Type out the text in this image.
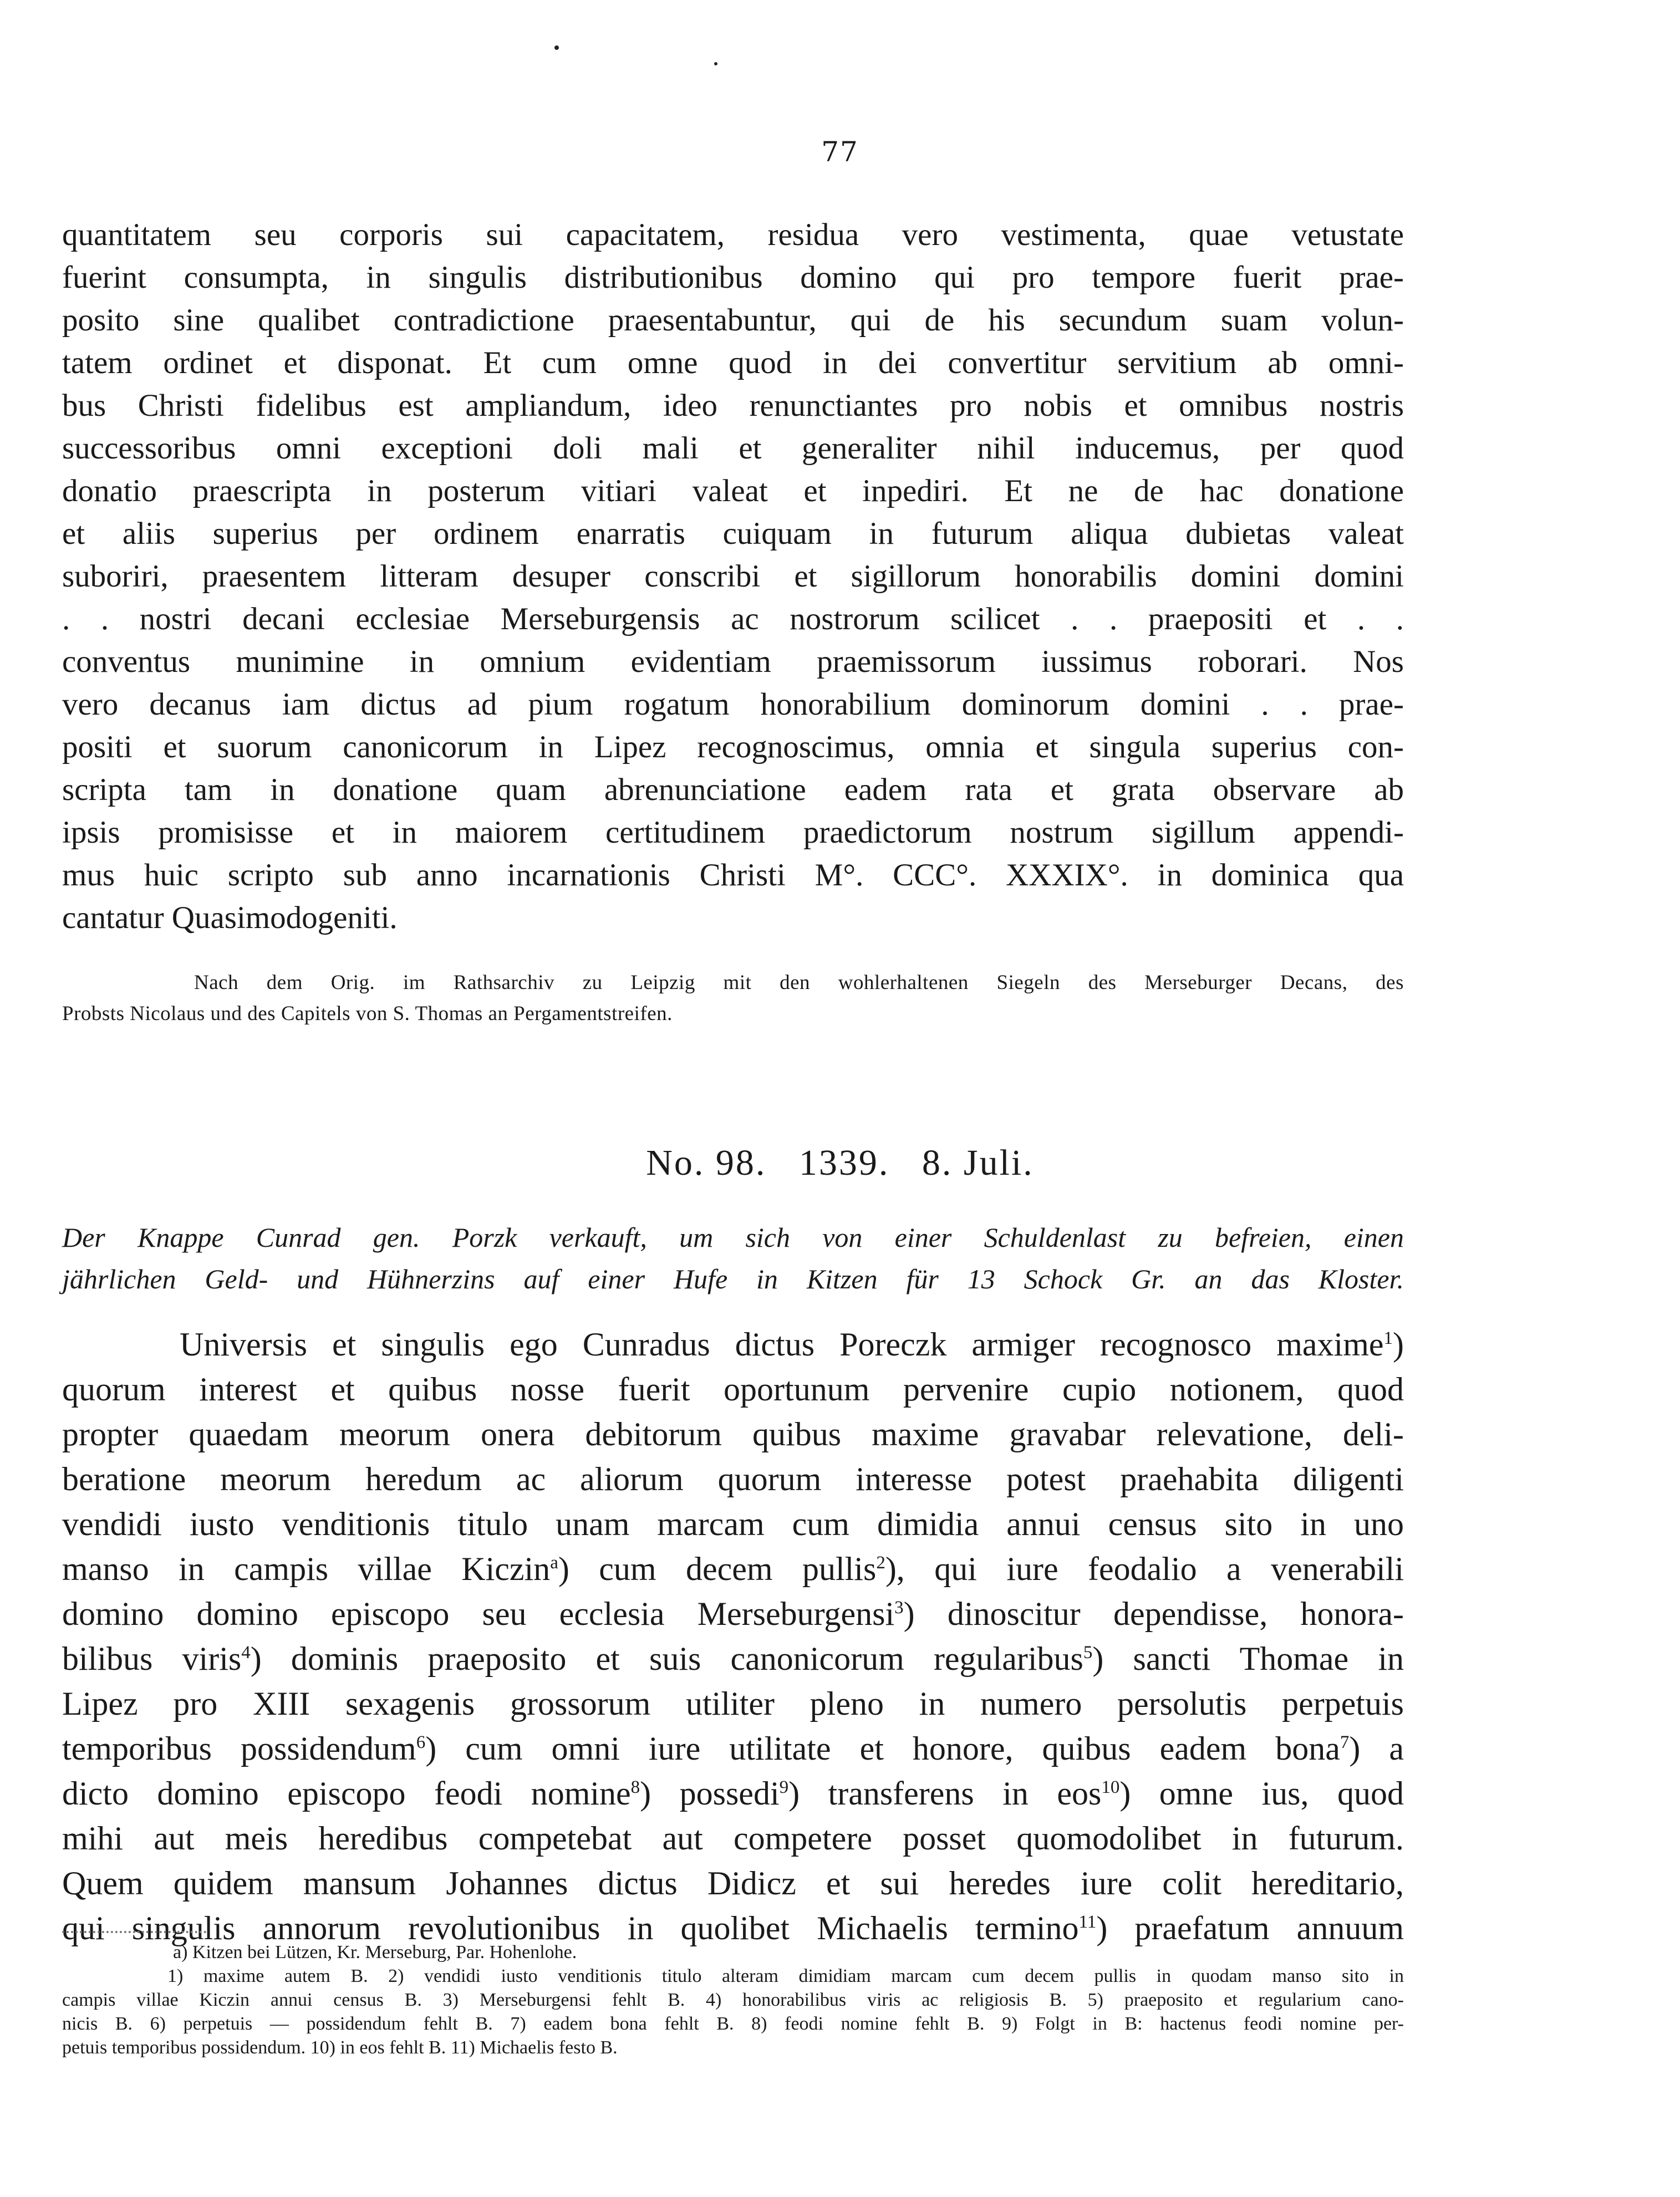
77
quantitatem seu corporis sui capacitatem, residua vero vestimenta, quae vetustate
fuerint consumpta, in singulis distributionibus domino qui pro tempore fuerit prae-
posito sine qualibet contradictione praesentabuntur, qui de his secundum suam volun-
tatem ordinet et disponat. Et cum omne quod in dei convertitur servitium ab omni-
bus Christi fidelibus est ampliandum, ideo renunctiantes pro nobis et omnibus nostris
successoribus omni exceptioni doli mali et generaliter nihil inducemus, per quod
donatio praescripta in posterum vitiari valeat et inpediri. Et ne de hac donatione
et aliis superius per ordinem enarratis cuiquam in futurum aliqua dubietas valeat
suboriri, praesentem litteram desuper conscribi et sigillorum honorabilis domini domini
. . nostri decani ecclesiae Merseburgensis ac nostrorum scilicet . . praepositi et . .
conventus munimine in omnium evidentiam praemissorum iussimus roborari. Nos
vero decanus iam dictus ad pium rogatum honorabilium dominorum domini . . prae-
positi et suorum canonicorum in Lipez recognoscimus, omnia et singula superius con-
scripta tam in donatione quam abrenunciatione eadem rata et grata observare ab
ipsis promisisse et in maiorem certitudinem praedictorum nostrum sigillum appendi-
mus huic scripto sub anno incarnationis Christi M°. CCC°. XXXIX°. in dominica qua
cantatur Quasimodogeniti.
Nach dem Orig. im Rathsarchiv zu Leipzig mit den wohlerhaltenen Siegeln des Merseburger Decans, des
Probsts Nicolaus und des Capitels von S. Thomas an Pergamentstreifen.
No. 98. 1339. 8. Juli.
Der Knappe Cunrad gen. Porzk verkauft, um sich von einer Schuldenlast zu befreien, einen
jährlichen Geld- und Hühnerzins auf einer Hufe in Kitzen für 13 Schock Gr. an das Kloster.
Universis et singulis ego Cunradus dictus Poreczk armiger recognosco maxime$^1$)
quorum interest et quibus nosse fuerit oportunum pervenire cupio notionem, quod
propter quaedam meorum onera debitorum quibus maxime gravabar relevatione, deli-
beratione meorum heredum ac aliorum quorum interesse potest praehabita diligenti
vendidi iusto venditionis titulo unam marcam cum dimidia annui census sito in uno
manso in campis villae Kiczin$^a$) cum decem pullis$^2$), qui iure feodalio a venerabili
domino domino episcopo seu ecclesia Merseburgensi$^3$) dinoscitur dependisse, honora-
bilibus viris$^4$) dominis praeposito et suis canonicorum regularibus$^5$) sancti Thomae in
Lipez pro XIII sexagenis grossorum utiliter pleno in numero persolutis perpetuis
temporibus possidendum$^6$) cum omni iure utilitate et honore, quibus eadem bona$^7$) a
dicto domino episcopo feodi nomine$^8$) possedi$^9$) transferens in eos$^{10}$) omne ius, quod
mihi aut meis heredibus competebat aut competere posset quomodolibet in futurum.
Quem quidem mansum Johannes dictus Didicz et sui heredes iure colit hereditario,
qui singulis annorum revolutionibus in quolibet Michaelis termino$^{11}$) praefatum annuum
a) Kitzen bei Lützen, Kr. Merseburg, Par. Hohenlohe.
1) maxime autem B. 2) vendidi iusto venditionis titulo alteram dimidiam marcam cum decem pullis in quodam manso sito in
campis villae Kiczin annui census B. 3) Merseburgensi fehlt B. 4) honorabilibus viris ac religiosis B. 5) praeposito et regularium cano-
nicis B. 6) perpetuis — possidendum fehlt B. 7) eadem bona fehlt B. 8) feodi nomine fehlt B. 9) Folgt in B: hactenus feodi nomine per-
petuis temporibus possidendum. 10) in eos fehlt B. 11) Michaelis festo B.
